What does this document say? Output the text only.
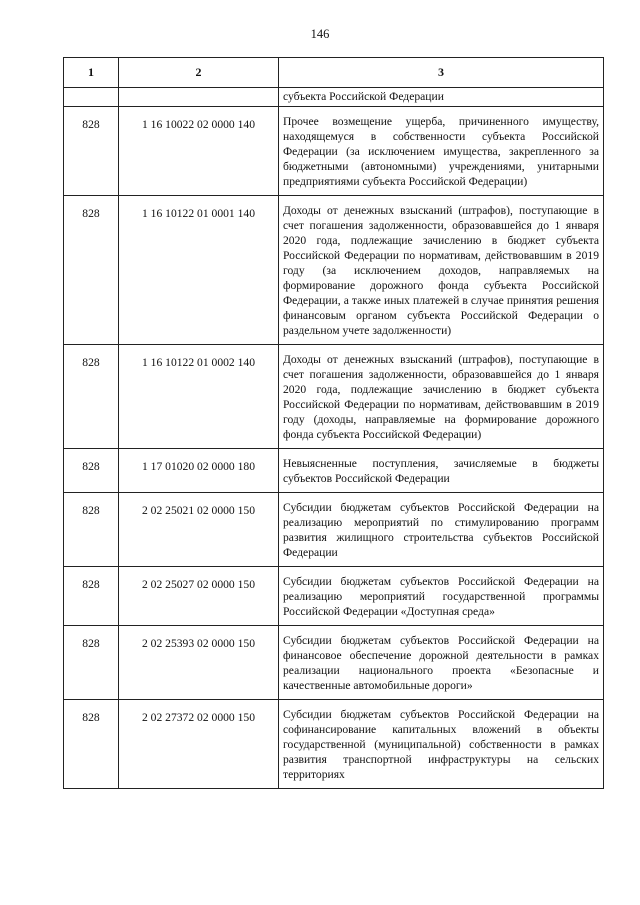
146
1	2	3
		субъекта Российской Федерации
828	1 16 10022 02 0000 140	Прочее возмещение ущерба, причиненного имуществу, находящемуся в собственности субъекта Российской Федерации (за исключением имущества, закрепленного за бюджетными (автономными) учреждениями, унитарными предприятиями субъекта Российской Федерации)
828	1 16 10122 01 0001 140	Доходы от денежных взысканий (штрафов), поступающие в счет погашения задолженности, образовавшейся до 1 января 2020 года, подлежащие зачислению в бюджет субъекта Российской Федерации по нормативам, действовавшим в 2019 году (за исключением доходов, направляемых на формирование дорожного фонда субъекта Российской Федерации, а также иных платежей в случае принятия решения финансовым органом субъекта Российской Федерации о раздельном учете задолженности)
828	1 16 10122 01 0002 140	Доходы от денежных взысканий (штрафов), поступающие в счет погашения задолженности, образовавшейся до 1 января 2020 года, подлежащие зачислению в бюджет субъекта Российской Федерации по нормативам, действовавшим в 2019 году (доходы, направляемые на формирование дорожного фонда субъекта Российской Федерации)
828	1 17 01020 02 0000 180	Невыясненные поступления, зачисляемые в бюджеты субъектов Российской Федерации
828	2 02 25021 02 0000 150	Субсидии бюджетам субъектов Российской Федерации на реализацию мероприятий по стимулированию программ развития жилищного строительства субъектов Российской Федерации
828	2 02 25027 02 0000 150	Субсидии бюджетам субъектов Российской Федерации на реализацию мероприятий государственной программы Российской Федерации «Доступная среда»
828	2 02 25393 02 0000 150	Субсидии бюджетам субъектов Российской Федерации на финансовое обеспечение дорожной деятельности в рамках реализации национального проекта «Безопасные и качественные автомобильные дороги»
828	2 02 27372 02 0000 150	Субсидии бюджетам субъектов Российской Федерации на софинансирование капитальных вложений в объекты государственной (муниципальной) собственности в рамках развития транспортной инфраструктуры на сельских территориях
